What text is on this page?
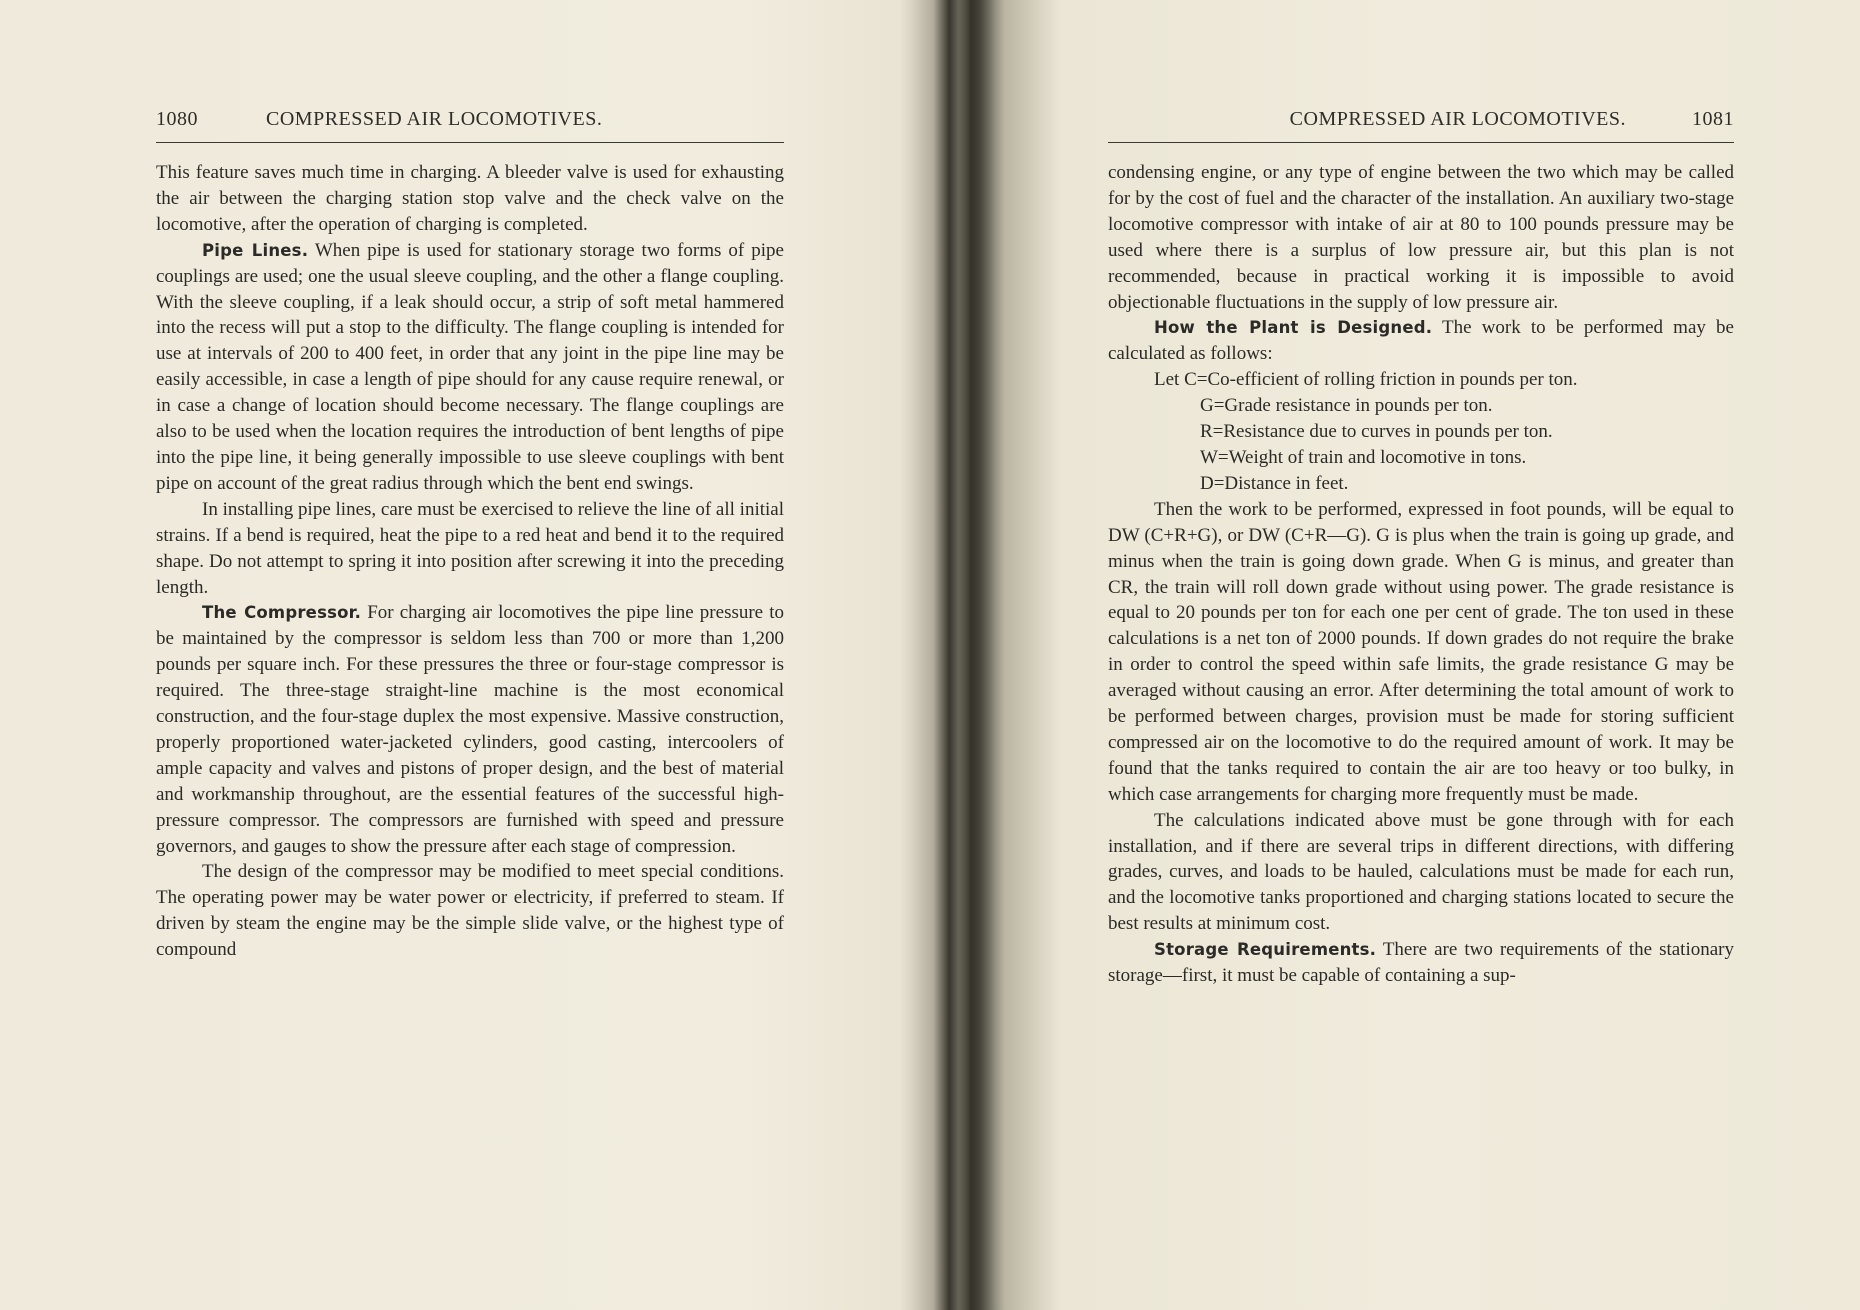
1080	COMPRESSED AIR LOCOMOTIVES.

This feature saves much time in charging. A bleeder valve is used for exhausting the air between the charging station stop valve and the check valve on the locomotive, after the operation of charging is completed.

Pipe Lines. When pipe is used for stationary storage two forms of pipe couplings are used; one the usual sleeve coupling, and the other a flange coupling. With the sleeve coupling, if a leak should occur, a strip of soft metal hammered into the recess will put a stop to the difficulty. The flange coupling is intended for use at intervals of 200 to 400 feet, in order that any joint in the pipe line may be easily accessible, in case a length of pipe should for any cause require renewal, or in case a change of location should become necessary. The flange couplings are also to be used when the location requires the introduction of bent lengths of pipe into the pipe line, it being generally impossible to use sleeve couplings with bent pipe on account of the great radius through which the bent end swings.

In installing pipe lines, care must be exercised to relieve the line of all initial strains. If a bend is required, heat the pipe to a red heat and bend it to the required shape. Do not attempt to spring it into position after screwing it into the preceding length.

The Compressor. For charging air locomotives the pipe line pressure to be maintained by the compressor is seldom less than 700 or more than 1,200 pounds per square inch. For these pressures the three or four-stage compressor is required. The three-stage straight-line machine is the most economical construction, and the four-stage duplex the most expensive. Massive construction, properly proportioned water-jacketed cylinders, good casting, intercoolers of ample capacity and valves and pistons of proper design, and the best of material and workmanship throughout, are the essential features of the successful high-pressure compressor. The compressors are furnished with speed and pressure governors, and gauges to show the pressure after each stage of compression.

The design of the compressor may be modified to meet special conditions. The operating power may be water power or electricity, if preferred to steam. If driven by steam the engine may be the simple slide valve, or the highest type of compound

COMPRESSED AIR LOCOMOTIVES.	1081

condensing engine, or any type of engine between the two which may be called for by the cost of fuel and the character of the installation. An auxiliary two-stage locomotive compressor with intake of air at 80 to 100 pounds pressure may be used where there is a surplus of low pressure air, but this plan is not recommended, because in practical working it is impossible to avoid objectionable fluctuations in the supply of low pressure air.

How the Plant is Designed. The work to be performed may be calculated as follows:

Let C=Co-efficient of rolling friction in pounds per ton.
G=Grade resistance in pounds per ton.
R=Resistance due to curves in pounds per ton.
W=Weight of train and locomotive in tons.
D=Distance in feet.

Then the work to be performed, expressed in foot pounds, will be equal to DW (C+R+G), or DW (C+R—G). G is plus when the train is going up grade, and minus when the train is going down grade. When G is minus, and greater than CR, the train will roll down grade without using power. The grade resistance is equal to 20 pounds per ton for each one per cent of grade. The ton used in these calculations is a net ton of 2000 pounds. If down grades do not require the brake in order to control the speed within safe limits, the grade resistance G may be averaged without causing an error. After determining the total amount of work to be performed between charges, provision must be made for storing sufficient compressed air on the locomotive to do the required amount of work. It may be found that the tanks required to contain the air are too heavy or too bulky, in which case arrangements for charging more frequently must be made.

The calculations indicated above must be gone through with for each installation, and if there are several trips in different directions, with differing grades, curves, and loads to be hauled, calculations must be made for each run, and the locomotive tanks proportioned and charging stations located to secure the best results at minimum cost.

Storage Requirements. There are two requirements of the stationary storage—first, it must be capable of containing a sup-
